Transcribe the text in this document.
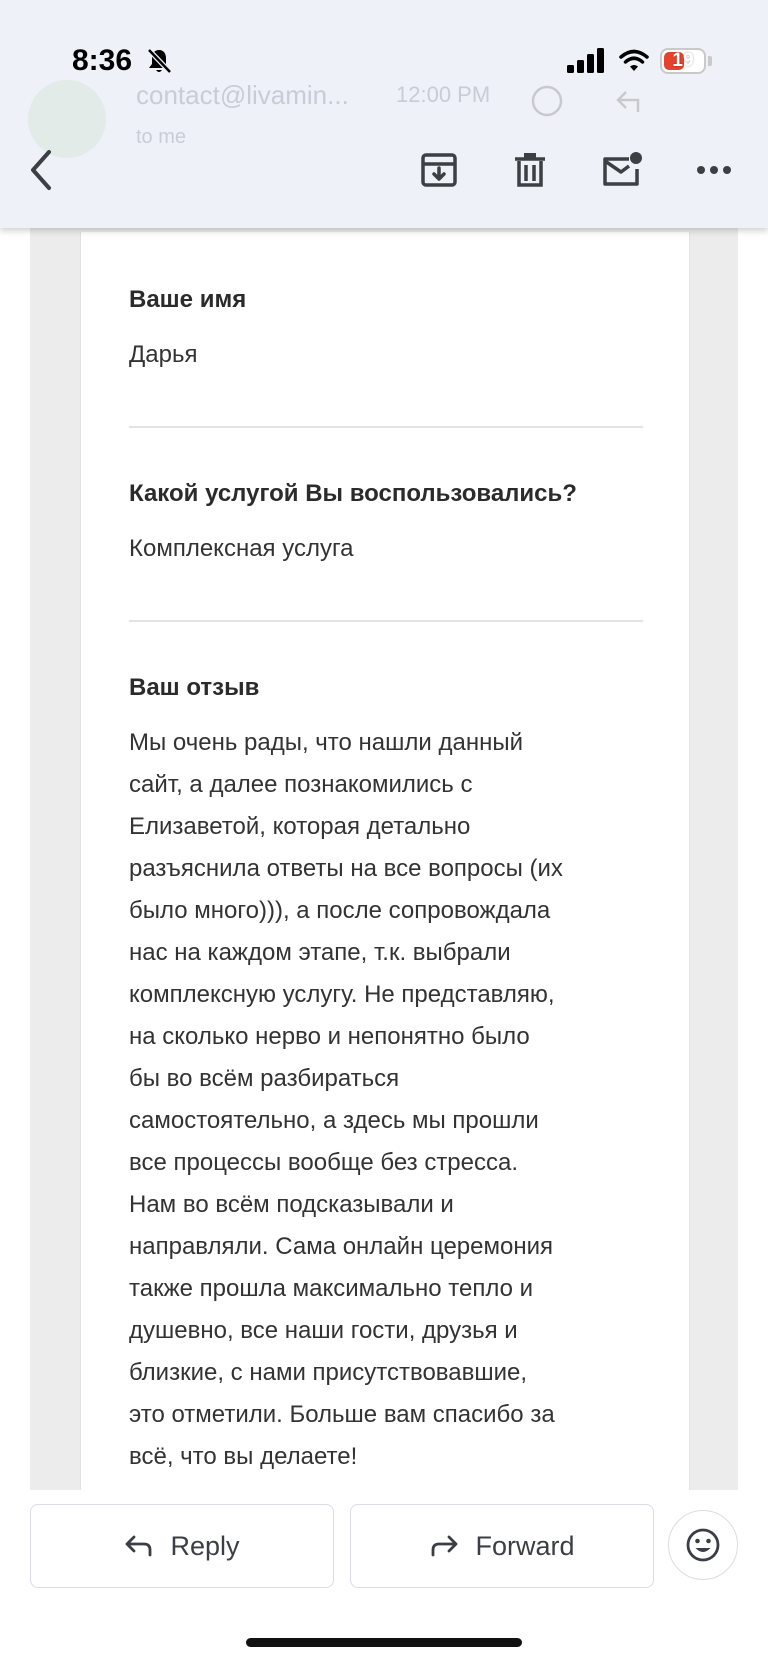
contact@livamin... 12:00 PM
to me
8:36	19
Ваше имя
Дарья
Какой услугой Вы воспользовались?
Комплексная услуга
Ваш отзыв
Мы очень рады, что нашли данный
сайт, а далее познакомились с
Елизаветой, которая детально
разъяснила ответы на все вопросы (их
было много))), а после сопровождала
нас на каждом этапе, т.к. выбрали
комплексную услугу. Не представляю,
на сколько нерво и непонятно было
бы во всём разбираться
самостоятельно, а здесь мы прошли
все процессы вообще без стресса.
Нам во всём подсказывали и
направляли. Сама онлайн церемония
также прошла максимально тепло и
душевно, все наши гости, друзья и
близкие, с нами присутствовавшие,
это отметили. Больше вам спасибо за
всё, что вы делаете!
Reply	Forward
